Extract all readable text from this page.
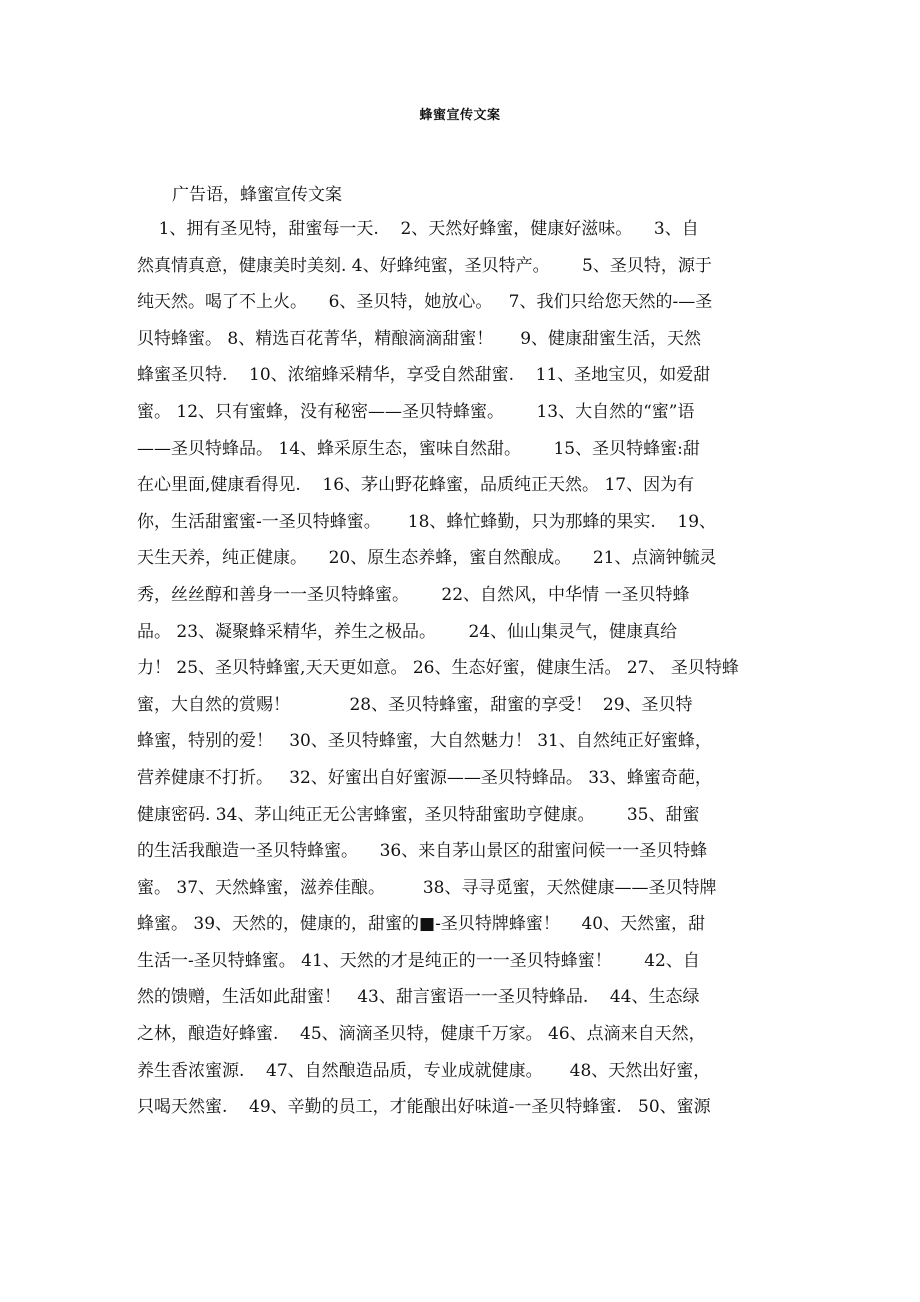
蜂蜜宣传文案

广告语，蜂蜜宣传文案

1、拥有圣见特，甜蜜每一天.    2、天然好蜂蜜，健康好滋味。    3、自
然真情真意，健康美时美刻. 4、好蜂纯蜜，圣贝特产。      5、圣贝特，源于
纯天然。喝了不上火。    6、圣贝特，她放心。   7、我们只给您天然的-—圣
贝特蜂蜜。 8、精选百花菁华，精酿滴滴甜蜜！     9、健康甜蜜生活，天然
蜂蜜圣贝特.    10、浓缩蜂采精华，享受自然甜蜜.    11、圣地宝贝，如爱甜
蜜。 12、只有蜜蜂，没有秘密——圣贝特蜂蜜。      13、大自然的“蜜”语
——圣贝特蜂品。 14、蜂采原生态，蜜味自然甜。      15、圣贝特蜂蜜:甜
在心里面,健康看得见.    16、茅山野花蜂蜜，品质纯正天然。 17、因为有
你，生活甜蜜蜜-一圣贝特蜂蜜。     18、蜂忙蜂勤，只为那蜂的果实.    19、
天生天养，纯正健康。    20、原生态养蜂，蜜自然酿成。    21、点滴钟毓灵
秀，丝丝醇和善身一一圣贝特蜂蜜。      22、自然风，中华情 一圣贝特蜂
品。 23、凝聚蜂采精华，养生之极品。      24、仙山集灵气，健康真给
力！ 25、圣贝特蜂蜜,天天更如意。 26、生态好蜜，健康生活。 27、 圣贝特蜂
蜜，大自然的赏赐！           28、圣贝特蜂蜜，甜蜜的享受！  29、圣贝特
蜂蜜，特别的爱！   30、圣贝特蜂蜜，大自然魅力！ 31、自然纯正好蜜蜂，
营养健康不打折。   32、好蜜出自好蜜源——圣贝特蜂品。 33、蜂蜜奇葩，
健康密码. 34、茅山纯正无公害蜂蜜，圣贝特甜蜜助亨健康。      35、甜蜜
的生活我酿造一圣贝特蜂蜜。    36、来自茅山景区的甜蜜问候一一圣贝特蜂
蜜。 37、天然蜂蜜，滋养佳酿。       38、寻寻觅蜜，天然健康——圣贝特牌
蜂蜜。 39、天然的，健康的，甜蜜的■-圣贝特牌蜂蜜！    40、天然蜜，甜
生活一-圣贝特蜂蜜。 41、天然的才是纯正的一一圣贝特蜂蜜！      42、自
然的馈赠，生活如此甜蜜！   43、甜言蜜语一一圣贝特蜂品.    44、生态绿
之林，酿造好蜂蜜.    45、滴滴圣贝特，健康千万家。 46、点滴来自天然，
养生香浓蜜源.    47、自然酿造品质，专业成就健康。     48、天然出好蜜，
只喝天然蜜.    49、辛勤的员工，才能酿出好味道-一圣贝特蜂蜜.   50、蜜源
